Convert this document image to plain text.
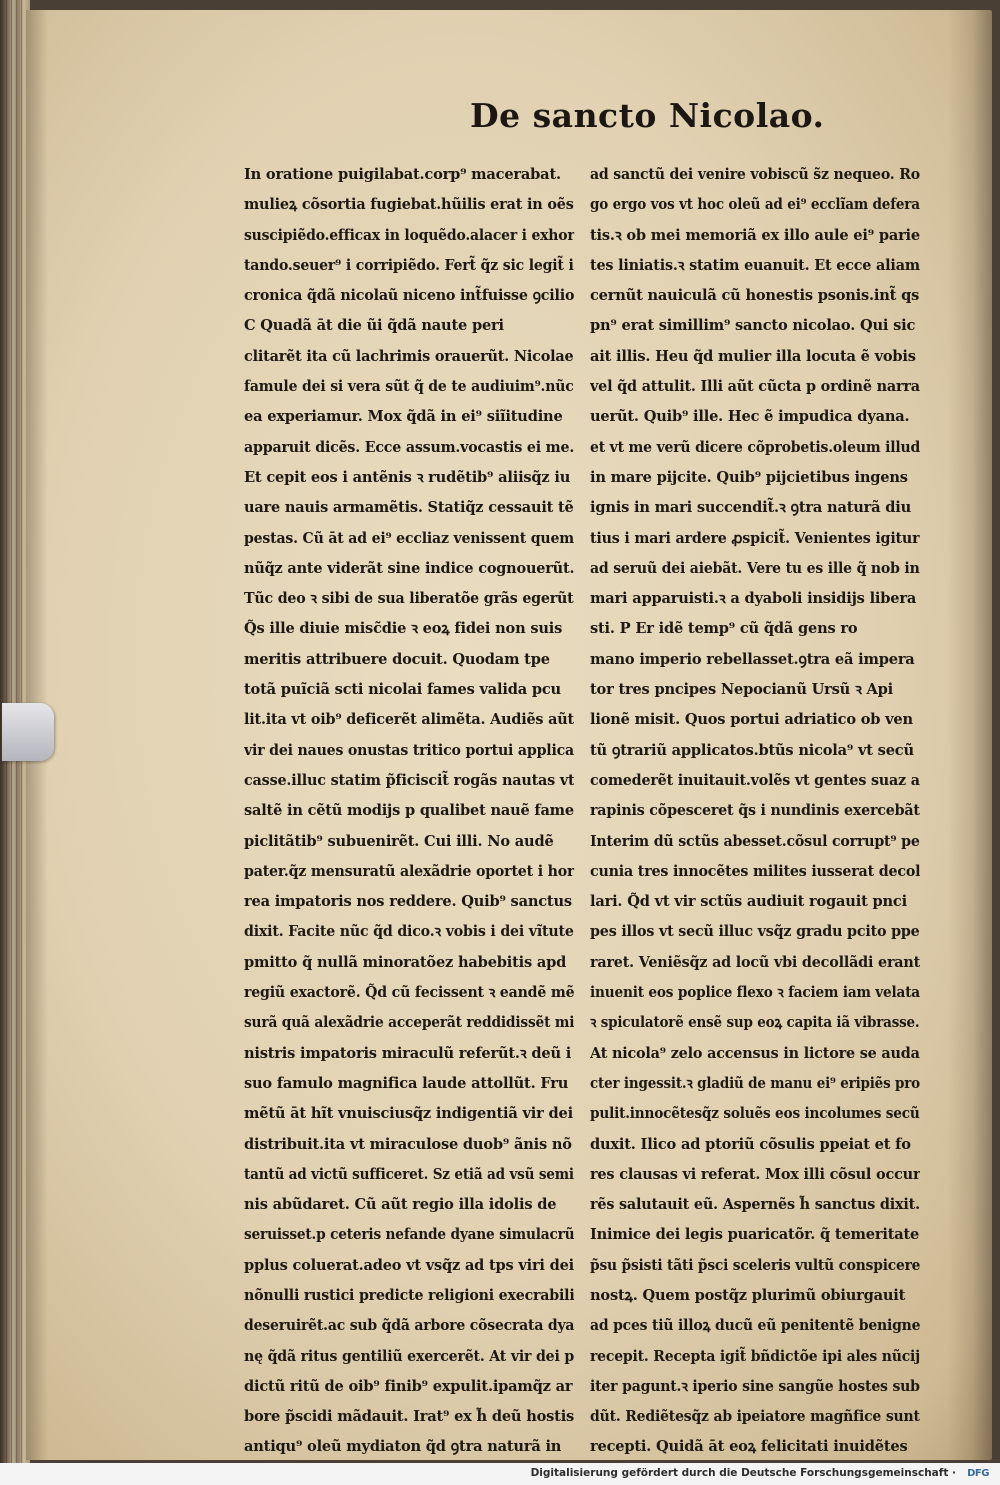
De sancto Nicolao.
In oratione puigilabat.corp⁹ macerabat.
mulieꝝ cõsortia fugiebat.hũilis erat in oẽs
suscipiẽdo.efficax in loquẽdo.alacer i exhor
tando.seuer⁹ i corripiẽdo. Fert̃ q̃z sic legit̃ i
cronica q̃dã nicolaũ niceno int̃fuisse ꝯcilio
C Quadã āt die ũi q̃dã naute peri
clitarẽt ita cũ lachrimis orauerũt. Nicolae
famule dei si vera sũt q̃ de te audiuim⁹.nũc
ea experiamur. Mox q̃dã in ei⁹ siĩitudine
apparuit dicẽs. Ecce assum.vocastis ei me.
Et cepit eos i antẽnis ꝛ rudẽtib⁹ aliisq̃z iu
uare nauis armamẽtis. Statiq̃z cessauit tẽ
pestas. Cũ āt ad ei⁹ eccliaz venissent quem
nũq̃z ante viderãt sine indice cognouerũt.
Tũc deo ꝛ sibi de sua liberatõe grãs egerũt
Q̃s ille diuie misc̃die ꝛ eoꝝ fidei non suis
meritis attribuere docuit. Quodam tpe
totã puĩciã scti nicolai fames valida pcu
lit.ita vt oib⁹ deficerẽt alimẽta. Audiẽs aũt
vir dei naues onustas tritico portui applica
casse.illuc statim p̃ficiscit̃ rogãs nautas vt
saltẽ in cẽtũ modijs p qualibet nauẽ fame
piclitãtib⁹ subuenirẽt. Cui illi. No audẽ
pater.q̃z mensuratũ alexãdrie oportet i hor
rea impatoris nos reddere. Quib⁹ sanctus
dixit. Facite nũc q̃d dico.ꝛ vobis i dei vĩtute
pmitto q̃ nullã minoratõez habebitis apd
regiũ exactorẽ. Q̃d cũ fecissent ꝛ eandẽ mẽ
surã quã alexãdrie acceperãt reddidissẽt mi
nistris impatoris miraculũ referũt.ꝛ deũ i
suo famulo magnifica laude attollũt. Fru
mẽtũ āt hĩt vnuisciusq̃z indigentiã vir dei
distribuit.ita vt miraculose duob⁹ ãnis nõ
tantũ ad victũ sufficeret. Sz etiã ad vsũ semi
nis abũdaret. Cũ aũt regio illa idolis de
seruisset.p ceteris nefande dyane simulacrũ
pplus coluerat.adeo vt vsq̃z ad tps viri dei
nõnulli rustici predicte religioni execrabili
deseruirẽt.ac sub q̃dã arbore cõsecrata dya
nę q̃dã ritus gentiliũ exercerẽt. At vir dei p
dictũ ritũ de oib⁹ finib⁹ expulit.ipamq̃z ar
bore p̃scidi mãdauit. Irat⁹ ex h̃ deũ hostis
antiqu⁹ oleũ mydiaton q̃d ꝯtra naturã in
ad sanctũ dei venire vobiscũ s̃z nequeo. Ro
go ergo vos vt hoc oleũ ad ei⁹ ecclĩam defera
tis.ꝛ ob mei memoriã ex illo aule ei⁹ parie
tes liniatis.ꝛ statim euanuit. Et ecce aliam
cernũt nauiculã cũ honestis psonis.int̃ qs
pn⁹ erat simillim⁹ sancto nicolao. Qui sic
ait illis. Heu q̃d mulier illa locuta ẽ vobis
vel q̃d attulit. Illi aũt cũcta p ordinẽ narra
uerũt. Quib⁹ ille. Hec ẽ impudica dyana.
et vt me verũ dicere cõprobetis.oleum illud
in mare pijcite. Quib⁹ pijcietibus ingens
ignis in mari succendit̃.ꝛ ꝯtra naturã diu
tius i mari ardere ꝓspicit̃. Venientes igitur
ad seruũ dei aiebãt. Vere tu es ille q̃ nob in
mari apparuisti.ꝛ a dyaboli insidijs libera
sti. P Er idẽ temp⁹ cũ q̃dã gens ro
mano imperio rebellasset.ꝯtra eã impera
tor tres pncipes Nepocianũ Ursũ ꝛ Api
lionẽ misit. Quos portui adriatico ob ven
tũ ꝯtrariũ applicatos.btũs nicola⁹ vt secũ
comederẽt inuitauit.volẽs vt gentes suaz a
rapinis cõpesceret q̃s i nundinis exercebãt
Interim dũ sctũs abesset.cõsul corrupt⁹ pe
cunia tres innocẽtes milites iusserat decol
lari. Q̃d vt vir sctũs audiuit rogauit pnci
pes illos vt secũ illuc vsq̃z gradu pcito ppe
raret. Veniẽsq̃z ad locũ vbi decollãdi erant
inuenit eos poplice flexo ꝛ faciem iam velata
ꝛ spiculatorẽ ensẽ sup eoꝝ capita iã vibrasse.
At nicola⁹ zelo accensus in lictore se auda
cter ingessit.ꝛ gladiũ de manu ei⁹ eripiẽs pro
pulit.innocẽtesq̃z soluẽs eos incolumes secũ
duxit. Ilico ad ptoriũ cõsulis ppeiat et fo
res clausas vi referat. Mox illi cõsul occur
rẽs salutauit eũ. Aspernẽs h̃ sanctus dixit.
Inimice dei legis puaricatõr. q̃ temeritate
p̃su p̃sisti tãti p̃sci sceleris vultũ conspicere
nostꝝ. Quem postq̃z plurimũ obiurgauit
ad pces tiũ illoꝝ ducũ eũ penitentẽ benigne
recepit. Recepta igit̃ bñdictõe ipi ales nũcij
iter pagunt.ꝛ iperio sine sangũe hostes sub
dũt. Rediẽtesq̃z ab ipeiatore magñfice sunt
recepti. Quidã āt eoꝝ felicitati inuidẽtes
Digitalisierung gefördert durch die Deutsche Forschungsgemeinschaft ·	DFG
